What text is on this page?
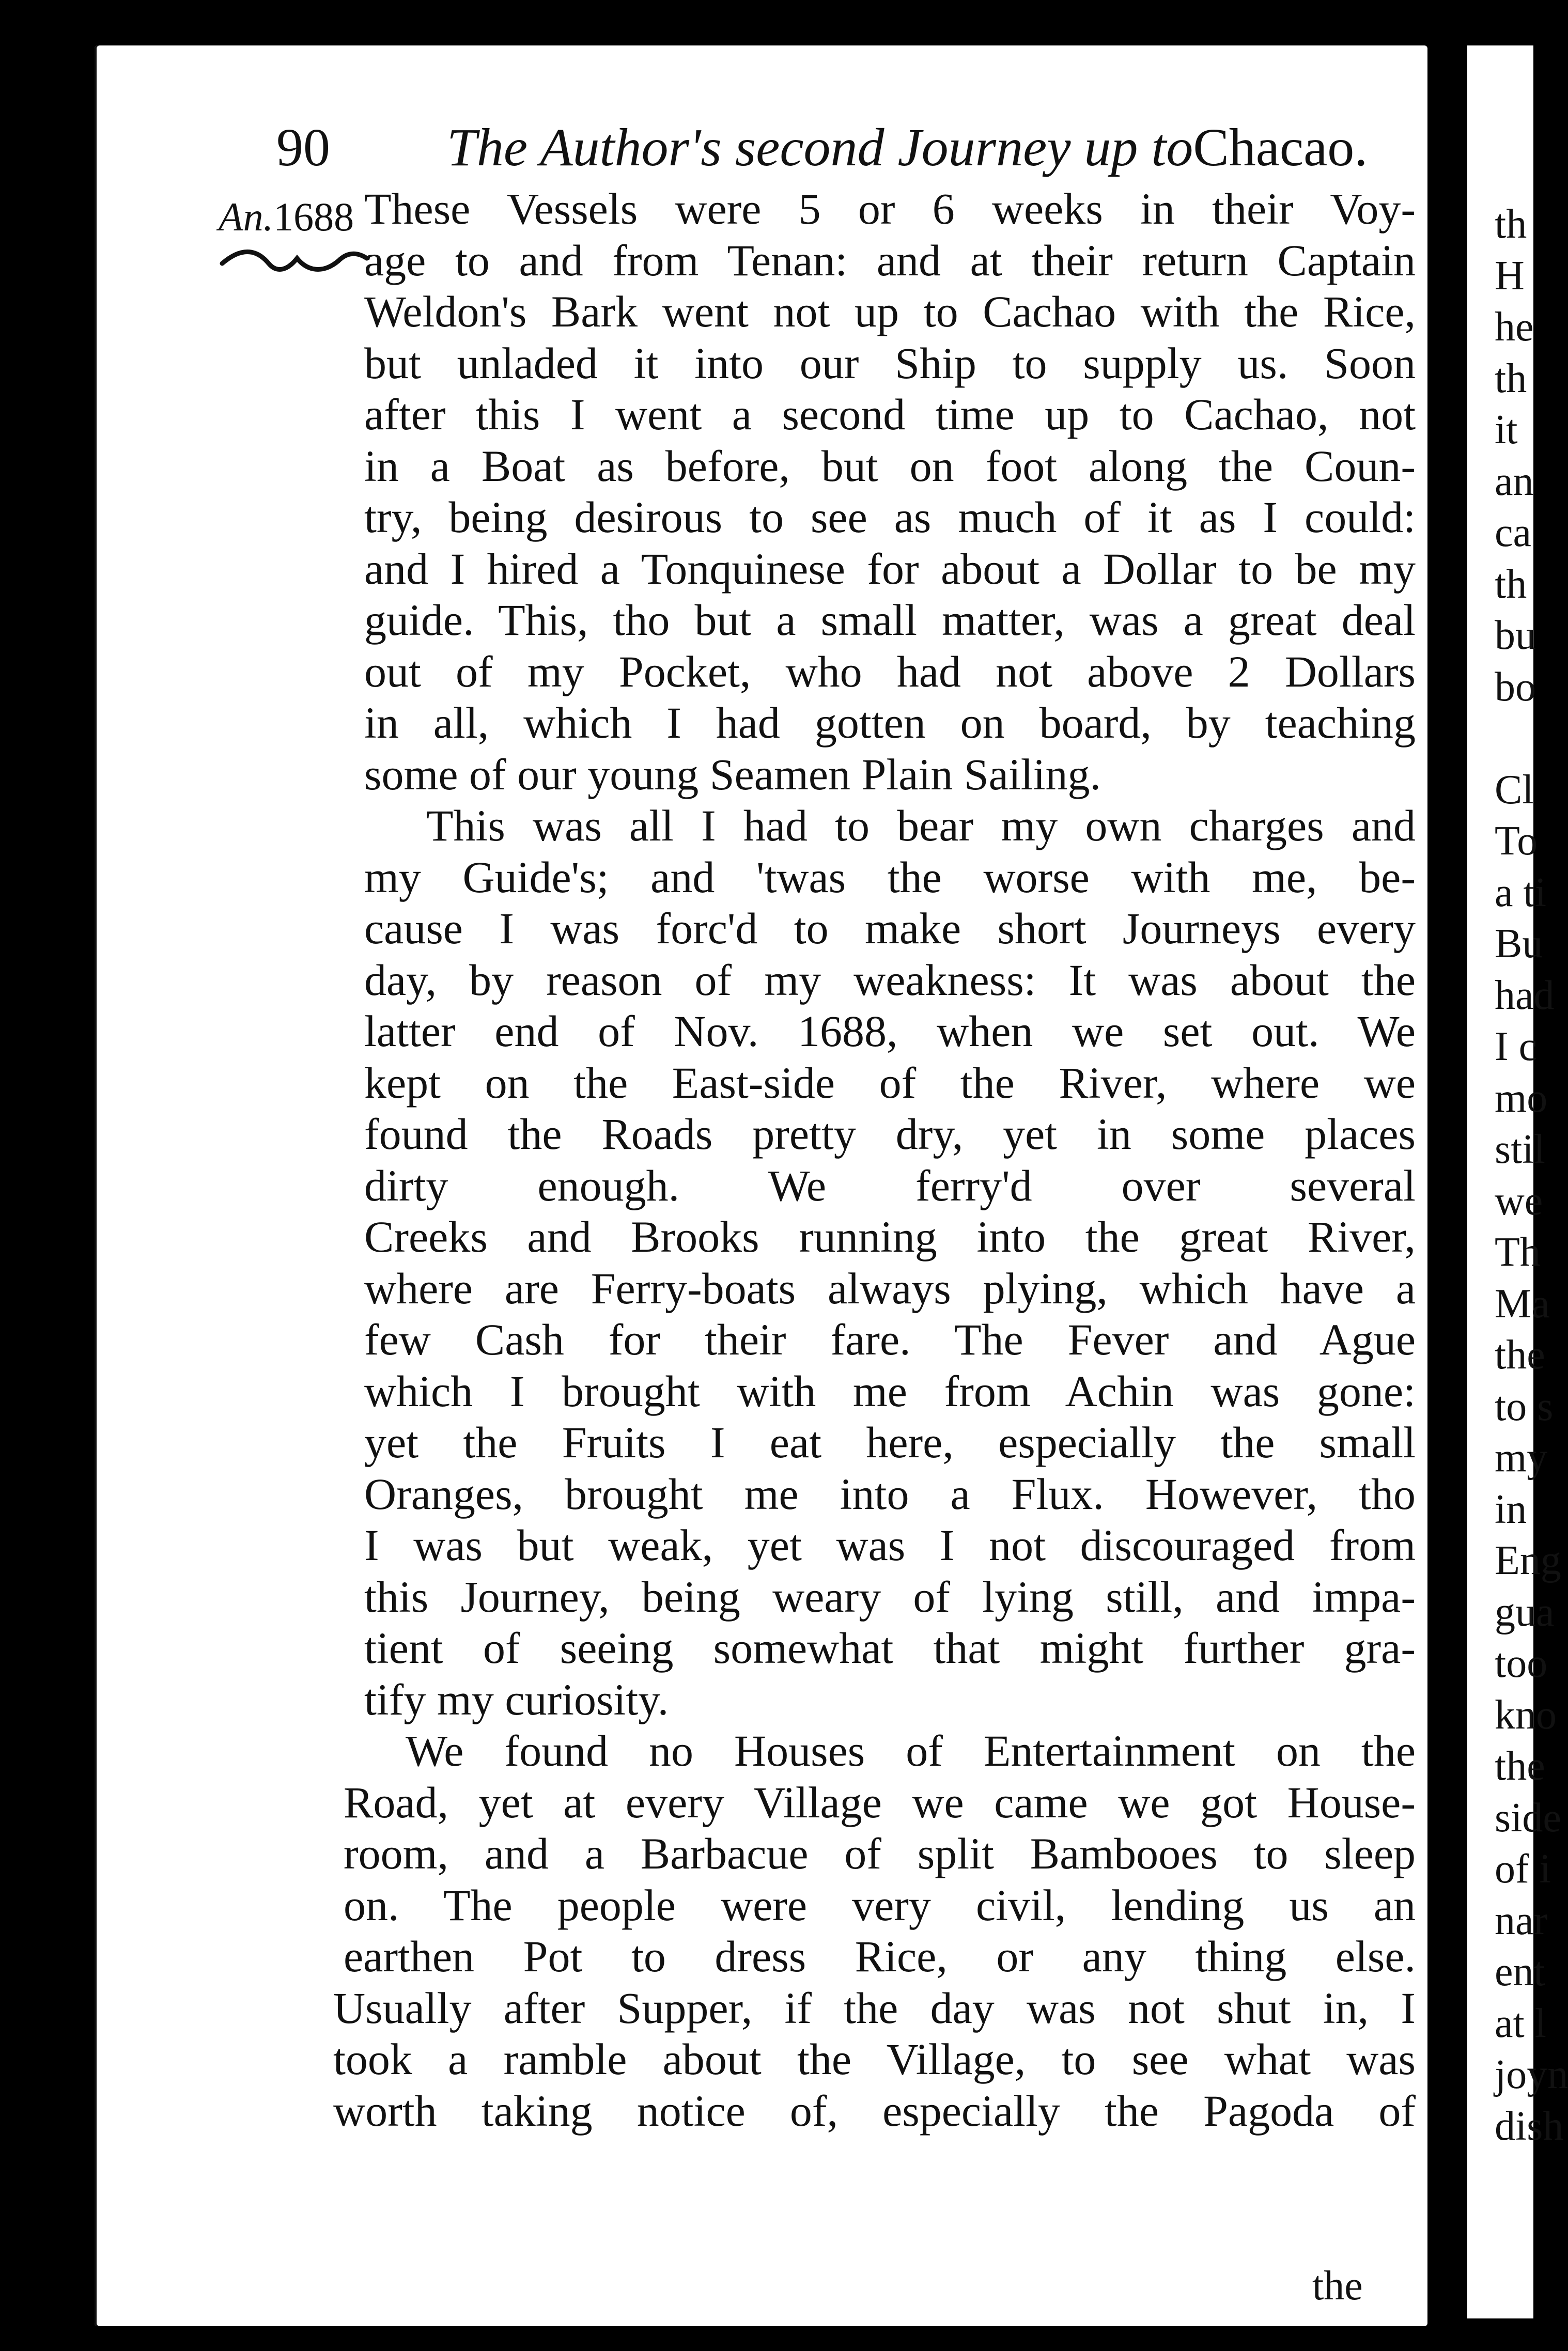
90 The Author's second Journey up toChacao.
An.1688 These Vessels were 5 or 6 weeks in their Voy-
age to and from Tenan: and at their return Captain
Weldon's Bark went not up to Cachao with the Rice,
but unladed it into our Ship to supply us. Soon
after this I went a second time up to Cachao, not
in a Boat as before, but on foot along the Coun-
try, being desirous to see as much of it as I could:
and I hired a Tonquinese for about a Dollar to be my
guide. This, tho but a small matter, was a great deal
out of my Pocket, who had not above 2 Dollars
in all, which I had gotten on board, by teaching
some of our young Seamen Plain Sailing.
This was all I had to bear my own charges and
my Guide's; and 'twas the worse with me, be-
cause I was forc'd to make short Journeys every
day, by reason of my weakness: It was about the
latter end of Nov. 1688, when we set out. We
kept on the East-side of the River, where we
found the Roads pretty dry, yet in some places
dirty enough. We ferry'd over several
Creeks and Brooks running into the great River,
where are Ferry-boats always plying, which have a
few Cash for their fare. The Fever and Ague
which I brought with me from Achin was gone:
yet the Fruits I eat here, especially the small
Oranges, brought me into a Flux. However, tho
I was but weak, yet was I not discouraged from
this Journey, being weary of lying still, and impa-
tient of seeing somewhat that might further gra-
tify my curiosity.
We found no Houses of Entertainment on the
Road, yet at every Village we came we got House-
room, and a Barbacue of split Bambooes to sleep
on. The people were very civil, lending us an
earthen Pot to dress Rice, or any thing else.
Usually after Supper, if the day was not shut in, I
took a ramble about the Village, to see what was
worth taking notice of, especially the Pagoda of
the
th
H
he
th
it
an
ca
th
bu
bo
Cl
To
a ti
Bu
had
I c
mo
stil
we
Th
Ma
the
to s
my
in
Eng
gua
too
kno
the
side
of i
nar
ent
at l
joyn
dish
